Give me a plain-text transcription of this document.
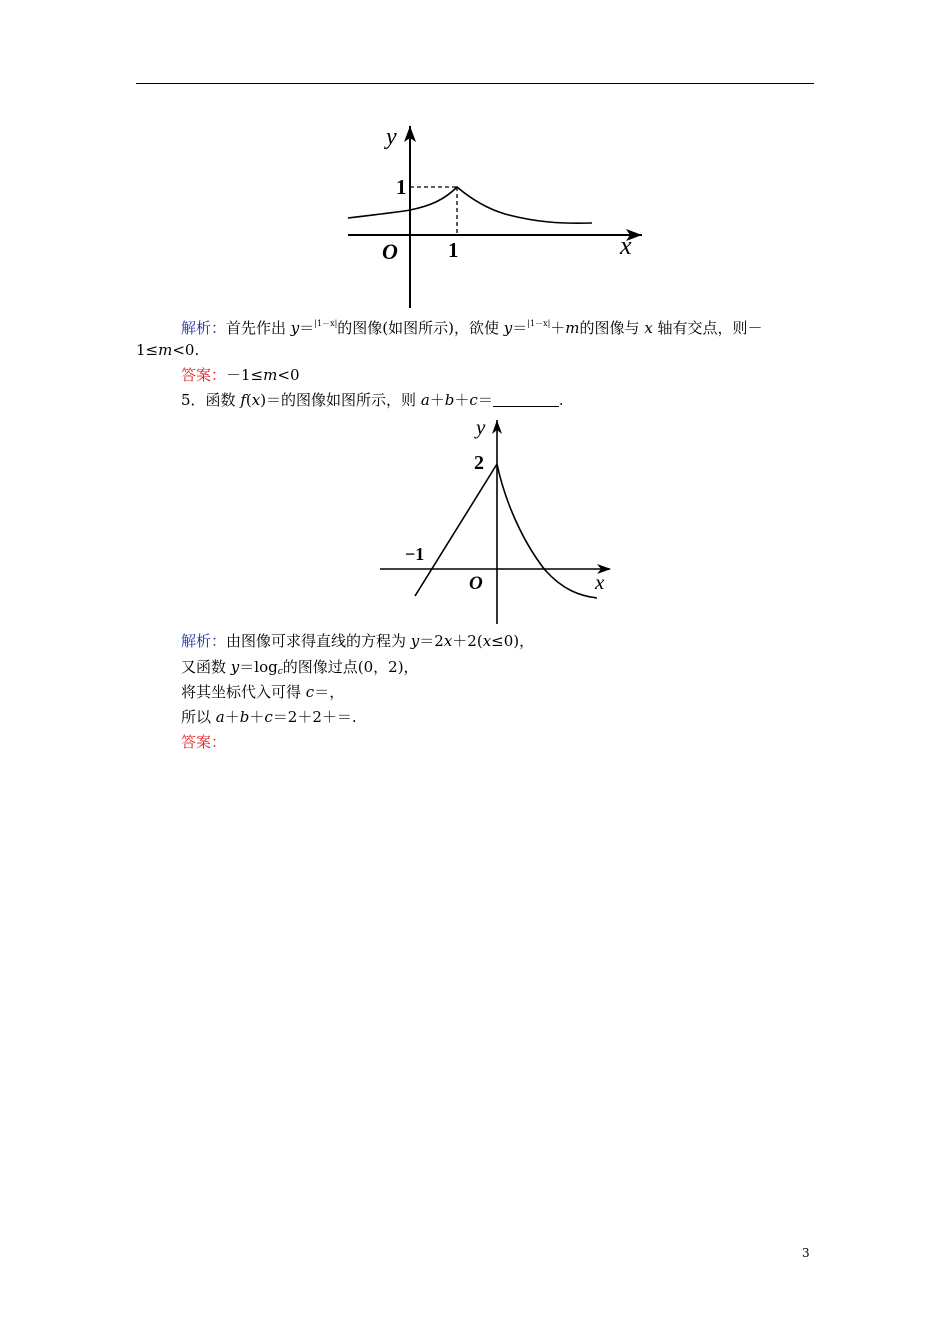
y
1
O 1	x
解析：首先作出 y＝$^{|1-x|}$的图像(如图所示)，欲使 y＝$^{|1-x|}$＋m的图像与 x 轴有交点，则－
1≤m<0.
答案：－1≤m<0
5．函数 f(x)＝的图像如图所示，则 a＋b＋c＝	.
y
2
−1
O	x
解析：由图像可求得直线的方程为 y＝2x＋2(x≤0)，
又函数 $y=\log_c$的图像过点(0，2)，
将其坐标代入可得 c＝，
所以 a＋b＋c＝2＋2＋＝.
答案：
3
